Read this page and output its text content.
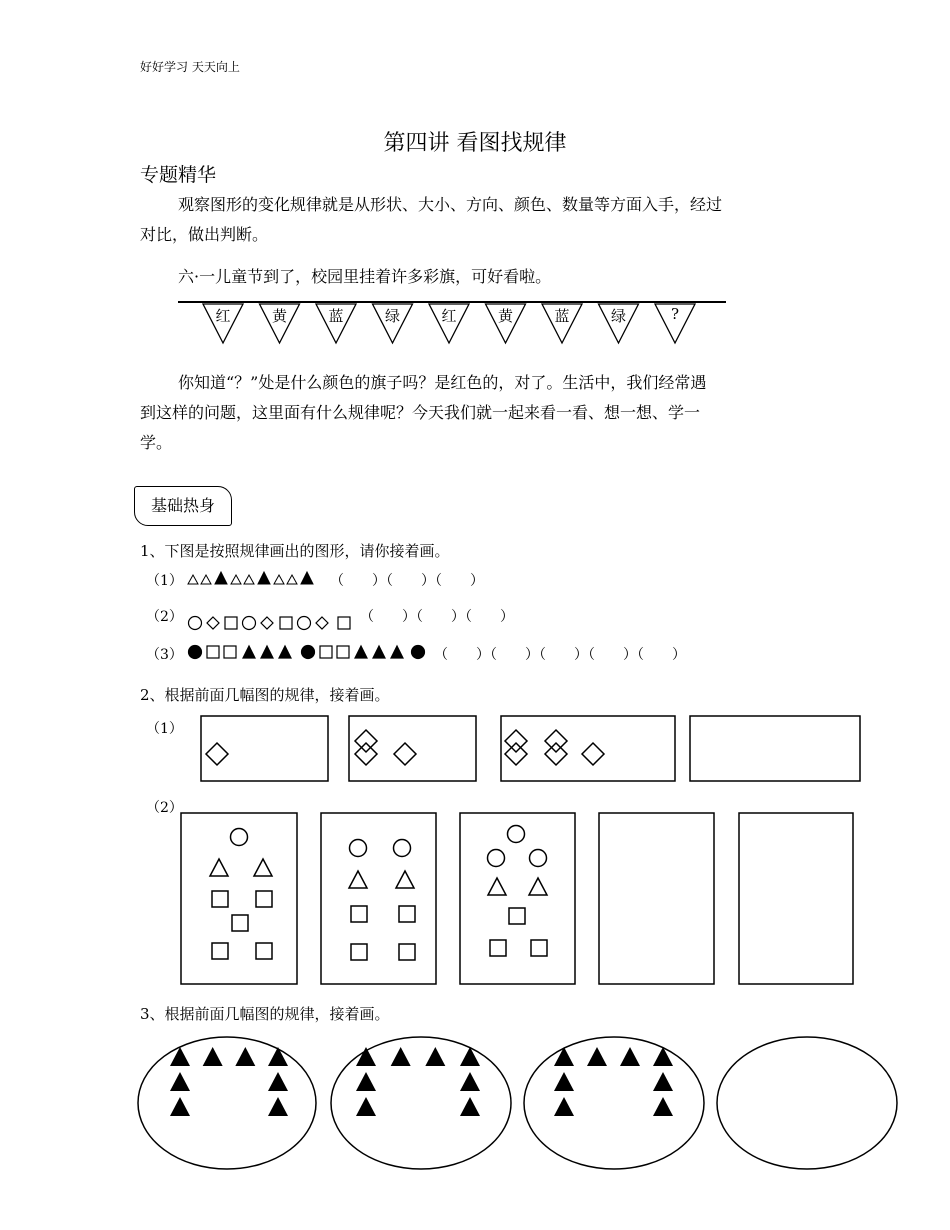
好好学习 天天向上
第四讲 看图找规律
专题精华
观察图形的变化规律就是从形状、大小、方向、颜色、数量等方面入手，经过
对比，做出判断。
六·一儿童节到了，校园里挂着许多彩旗，可好看啦。
红	黄	蓝	绿	红	黄	蓝	绿	?
你知道“？”处是什么颜色的旗子吗？是红色的，对了。生活中，我们经常遇
到这样的问题，这里面有什么规律呢？今天我们就一起来看一看、想一想、学一
学。
基础热身
1、下图是按照规律画出的图形，请你接着画。
（1）	（　　）（　　）（　　）
（2）	（　　）（　　）（　　）
（3）	（　　）（　　）（　　）（　　）（　　）
2、根据前面几幅图的规律，接着画。
（1）
（2）
3、根据前面几幅图的规律，接着画。
